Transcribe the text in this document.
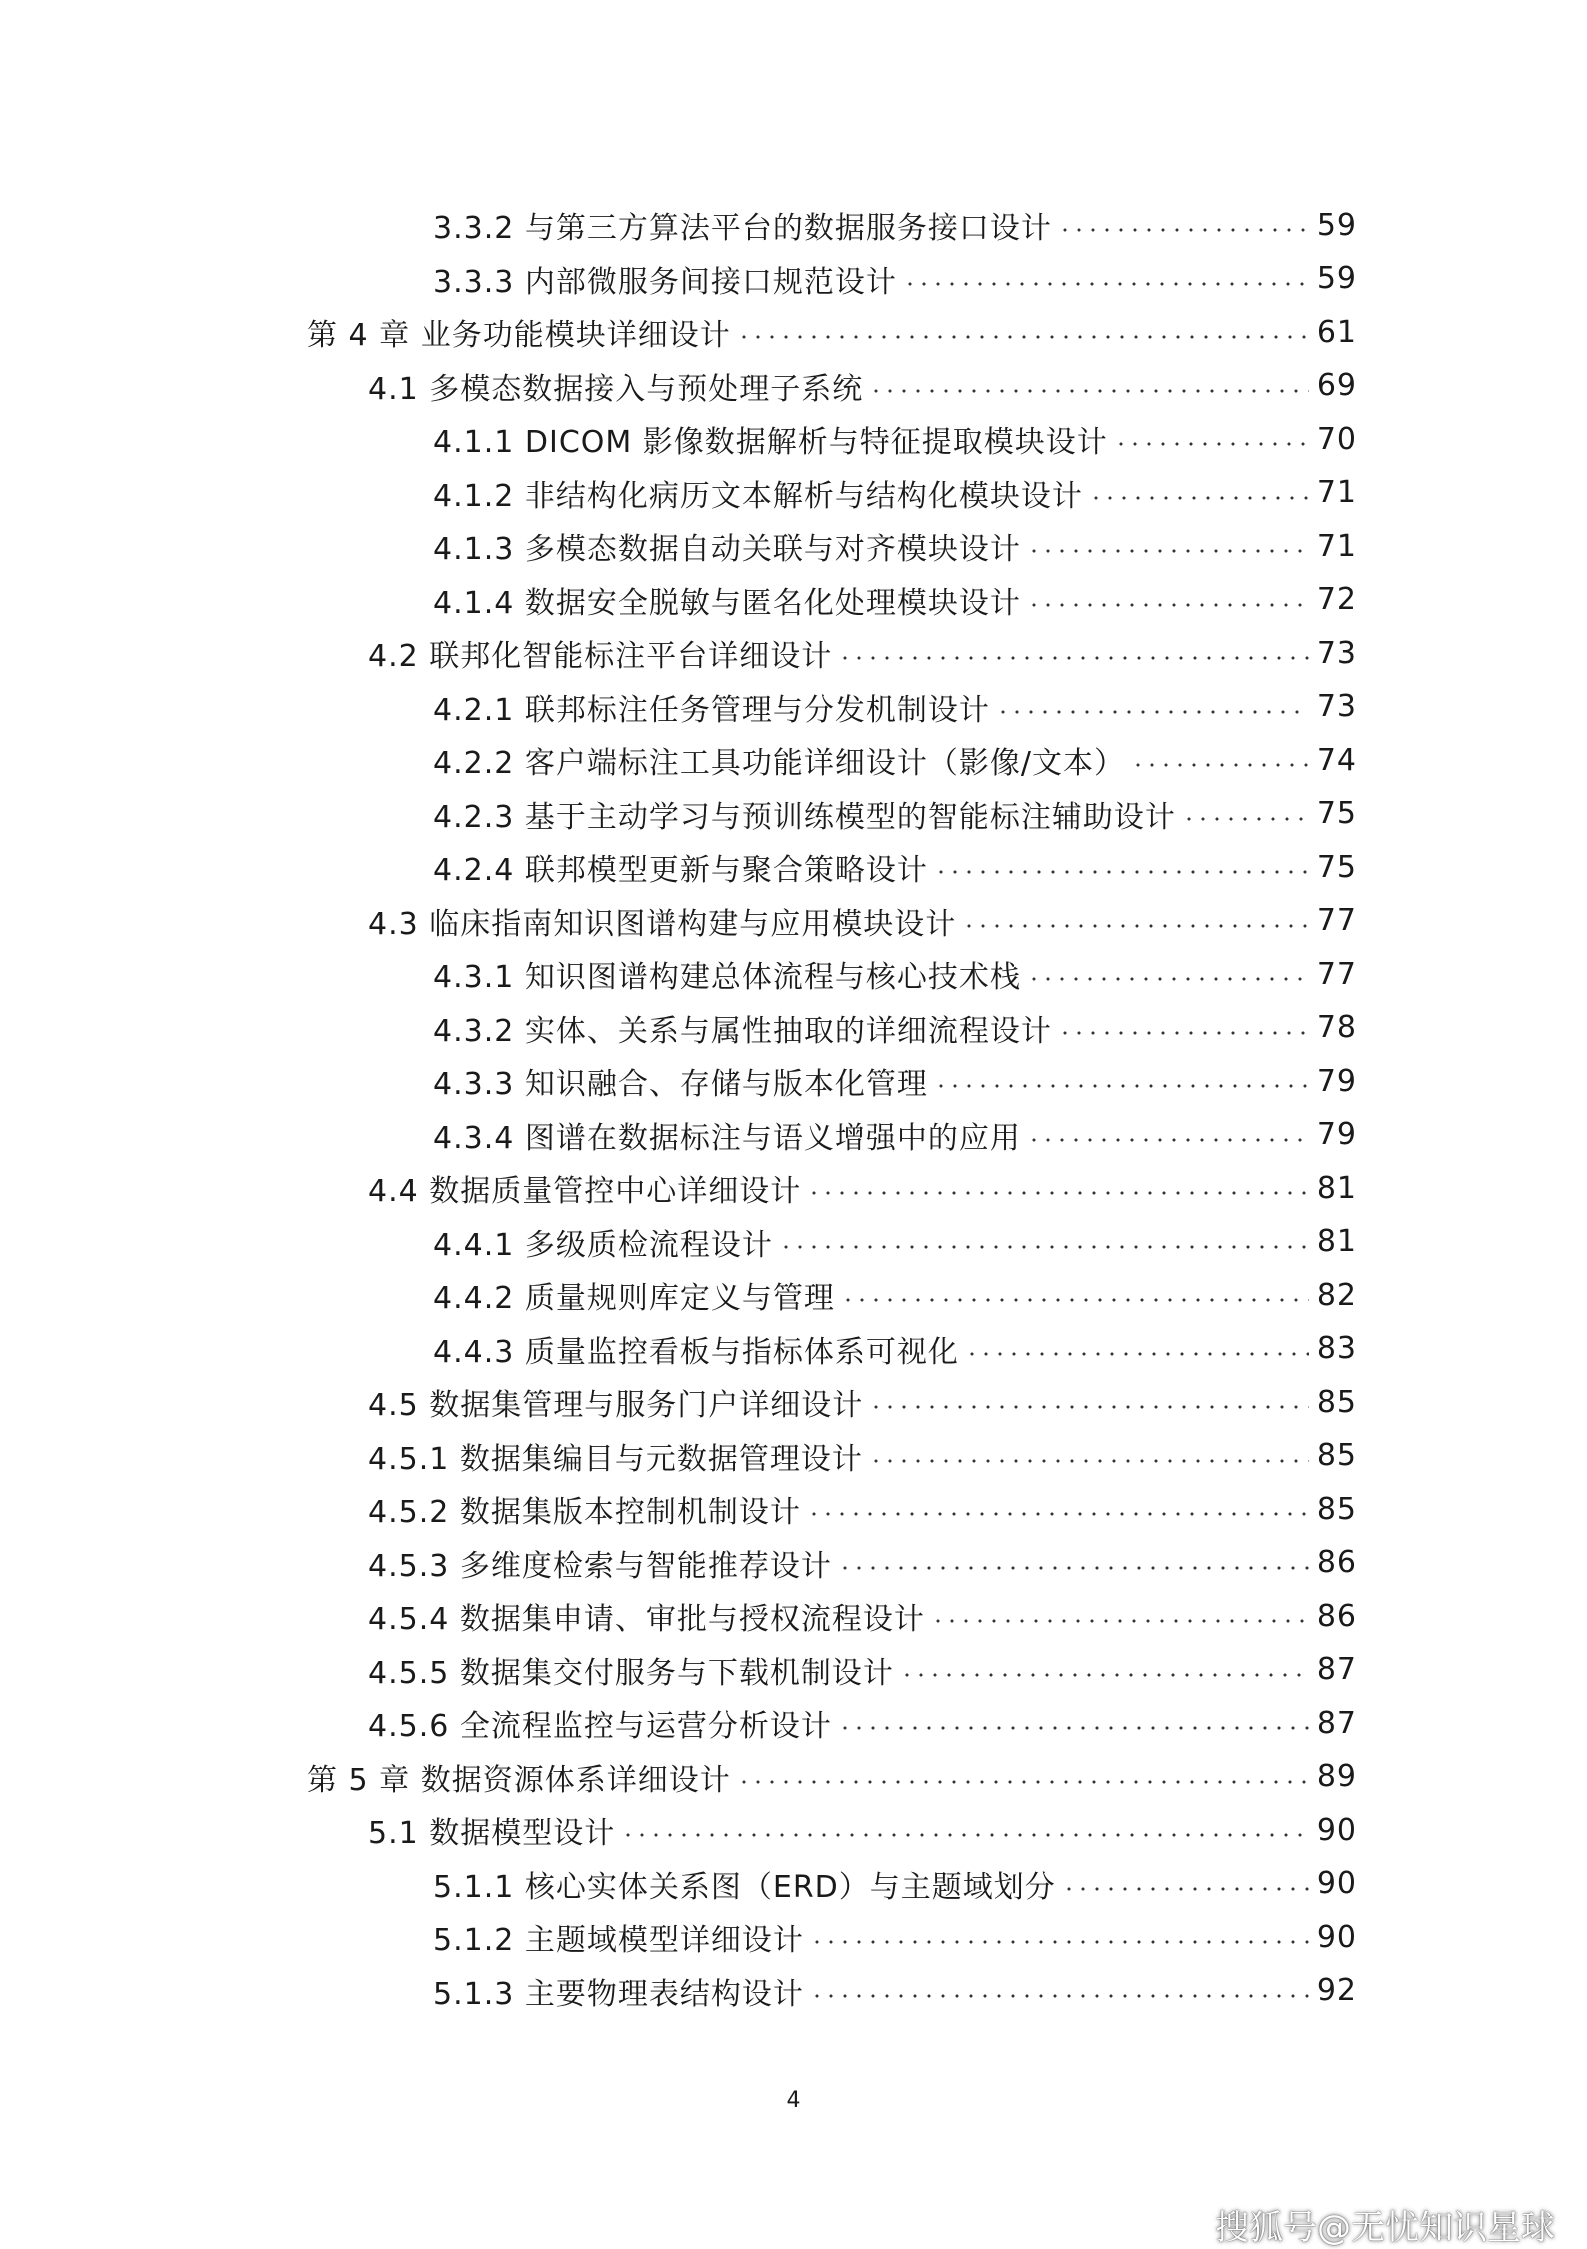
3.3.2 与第三方算法平台的数据服务接口设计	59
3.3.3 内部微服务间接口规范设计	59
第 4 章 业务功能模块详细设计	61
4.1 多模态数据接入与预处理子系统	69
4.1.1 DICOM 影像数据解析与特征提取模块设计	70
4.1.2 非结构化病历文本解析与结构化模块设计	71
4.1.3 多模态数据自动关联与对齐模块设计	71
4.1.4 数据安全脱敏与匿名化处理模块设计	72
4.2 联邦化智能标注平台详细设计	73
4.2.1 联邦标注任务管理与分发机制设计	73
4.2.2 客户端标注工具功能详细设计（影像/文本）	74
4.2.3 基于主动学习与预训练模型的智能标注辅助设计	75
4.2.4 联邦模型更新与聚合策略设计	75
4.3 临床指南知识图谱构建与应用模块设计	77
4.3.1 知识图谱构建总体流程与核心技术栈	77
4.3.2 实体、关系与属性抽取的详细流程设计	78
4.3.3 知识融合、存储与版本化管理	79
4.3.4 图谱在数据标注与语义增强中的应用	79
4.4 数据质量管控中心详细设计	81
4.4.1 多级质检流程设计	81
4.4.2 质量规则库定义与管理	82
4.4.3 质量监控看板与指标体系可视化	83
4.5 数据集管理与服务门户详细设计	85
4.5.1 数据集编目与元数据管理设计	85
4.5.2 数据集版本控制机制设计	85
4.5.3 多维度检索与智能推荐设计	86
4.5.4 数据集申请、审批与授权流程设计	86
4.5.5 数据集交付服务与下载机制设计	87
4.5.6 全流程监控与运营分析设计	87
第 5 章 数据资源体系详细设计	89
5.1 数据模型设计	90
5.1.1 核心实体关系图（ERD）与主题域划分	90
5.1.2 主题域模型详细设计	90
5.1.3 主要物理表结构设计	92
4
搜狐号@无忧知识星球
